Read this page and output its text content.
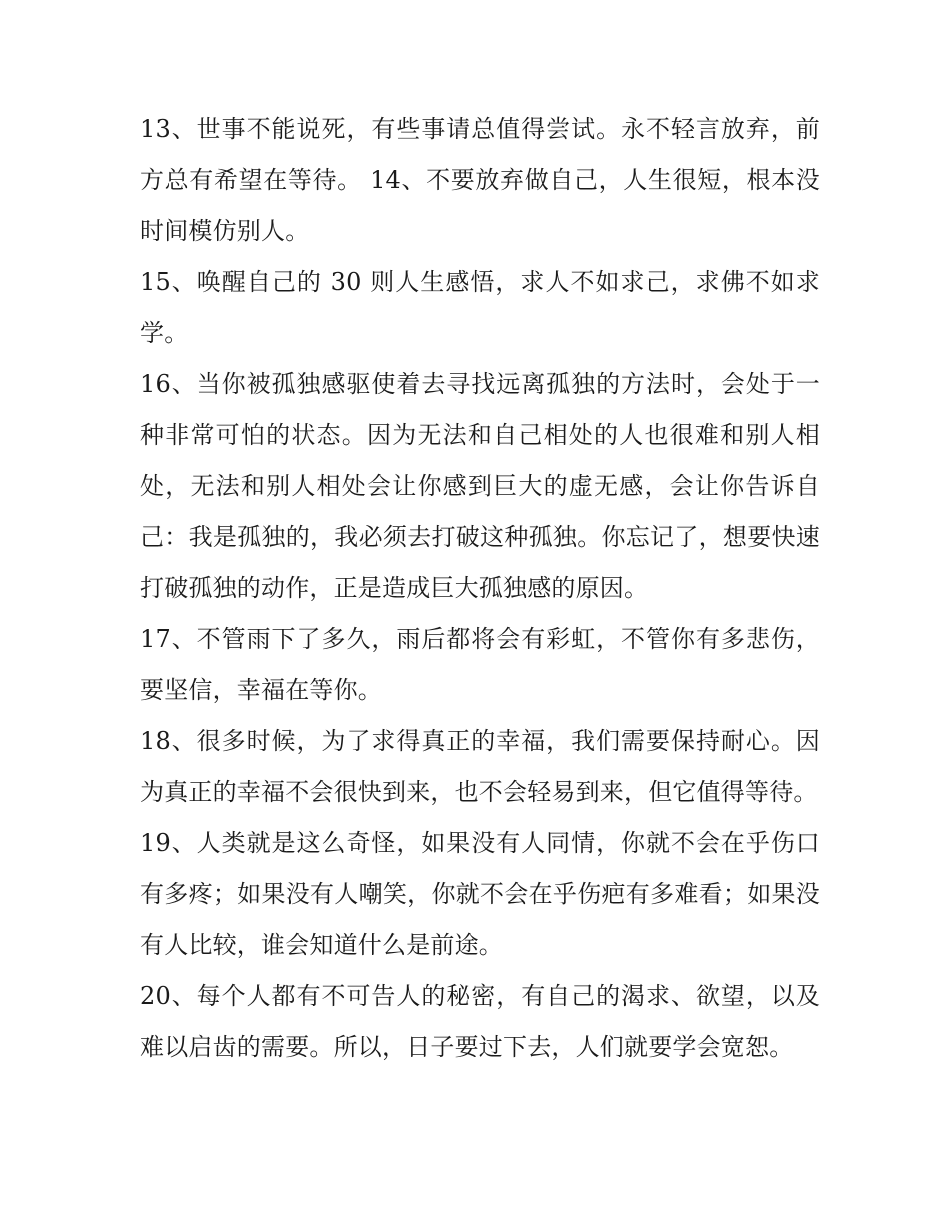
13、世事不能说死，有些事请总值得尝试。永不轻言放弃，前方总有希望在等待。 14、不要放弃做自己，人生很短，根本没时间模仿别人。

15、唤醒自己的 30 则人生感悟，求人不如求己，求佛不如求学。

16、当你被孤独感驱使着去寻找远离孤独的方法时，会处于一种非常可怕的状态。因为无法和自己相处的人也很难和别人相处，无法和别人相处会让你感到巨大的虚无感，会让你告诉自己：我是孤独的，我必须去打破这种孤独。你忘记了，想要快速打破孤独的动作，正是造成巨大孤独感的原因。

17、不管雨下了多久，雨后都将会有彩虹，不管你有多悲伤，要坚信，幸福在等你。

18、很多时候，为了求得真正的幸福，我们需要保持耐心。因为真正的幸福不会很快到来，也不会轻易到来，但它值得等待。

19、人类就是这么奇怪，如果没有人同情，你就不会在乎伤口有多疼；如果没有人嘲笑，你就不会在乎伤疤有多难看；如果没有人比较，谁会知道什么是前途。

20、每个人都有不可告人的秘密，有自己的渴求、欲望，以及难以启齿的需要。所以，日子要过下去，人们就要学会宽恕。
